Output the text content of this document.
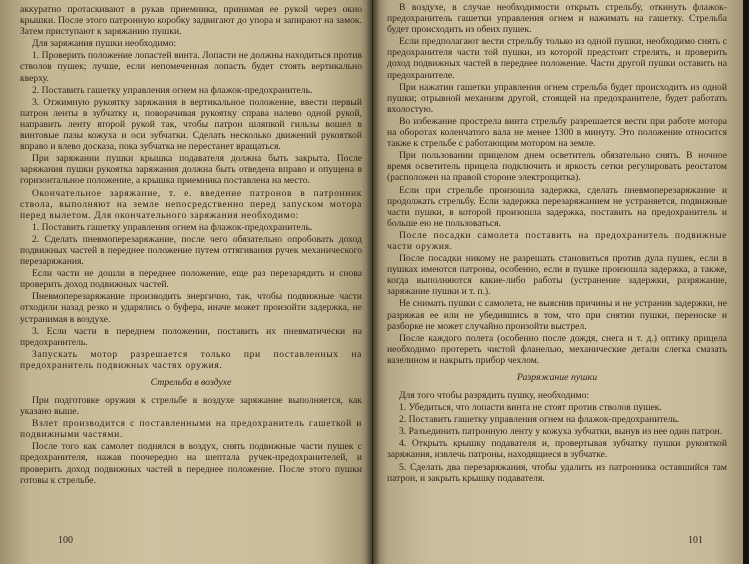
аккуратно протаскивают в рукав приемника, принимая ее рукой через окно крышки. После этого патронную коробку задвигают до упора и запирают на замок. Затем приступают к заряжанию пушки.

Для заряжания пушки необходимо:

1. Проверить положение лопастей винта. Лопасти не должны находиться против стволов пушек; лучше, если непомеченная лопасть будет стоять вертикально кверху.

2. Поставить гашетку управления огнем на флажок-предохранитель.

3. Отжимную рукоятку заряжания в вертикальное положение, ввести первый патрон ленты в зубчатку и, поворачивая рукоятку справа налево одной рукой, направить ленту второй рукой так, чтобы патрон шляпкой гильзы вошел в винтовые пазы кожуха и оси зубчатки. Сделать несколько движений рукояткой вправо и влево досказа, пока зубчатка не перестанет вращаться.

При заряжании пушки крышка подавателя должна быть закрыта. После заряжания пушки рукоятка заряжания должна быть отведена вправо и опущена в горизонтальное положение, а крышка приемника поставлена на место.

Окончательное заряжание, т. е. введение патронов в патронник ствола, выполняют на земле непосредственно перед запуском мотора перед вылетом. Для окончательного заряжания необходимо:

1. Поставить гашетку управления огнем на флажок-предохранитель.

2. Сделать пневмоперезаряжание, после чего обязательно опробовать доход подвижных частей в переднее положение путем оттягивания ручек механического перезаряжания.

Если части не дошли в переднее положение, еще раз перезарядить и снова проверить доход подвижных частей.

Пневмоперезаряжание производить энергично, так, чтобы подвижные части отходили назад резко и ударялись о буфера, иначе может произойти задержка, не устранимая в воздухе.

3. Если части в переднем положении, поставить их пневматически на предохранитель.

Запускать мотор разрешается только при поставленных на предохранитель подвижных частях оружия.

Стрельба в воздухе

При подготовке оружия к стрельбе в воздухе заряжание выполняется, как указано выше.

Взлет производится с поставленными на предохранитель гашеткой и подвижными частями.

После того как самолет поднялся в воздух, снять подвижные части пушек с предохранителя, нажав поочередно на шептала ручек-предохранителей, и проверить доход подвижных частей в переднее положение. После этого пушки готовы к стрельбе.

100

В воздухе, в случае необходимости открыть стрельбу, откинуть флажок-предохранитель гашетки управления огнем и нажимать на гашетку. Стрельба будет происходить из обеих пушек.

Если предполагают вести стрельбу только из одной пушки, необходимо снять с предохранителя части той пушки, из которой предстоит стрелять, и проверить доход подвижных частей в переднее положение. Части другой пушки оставить на предохранителе.

При нажатии гашетки управления огнем стрельба будет происходить из одной пушки; отрывной механизм другой, стоящей на предохранителе, будет работать вхолостую.

Во избежание прострела винта стрельбу разрешается вести при работе мотора на оборотах коленчатого вала не менее 1300 в минуту. Это положение относится также к стрельбе с работающим мотором на земле.

При пользовании прицелом днем осветитель обязательно снять. В ночное время осветитель прицела подключить и яркость сетки регулировать реостатом (расположен на правой стороне электрощитка).

Если при стрельбе произошла задержка, сделать пневмоперезаряжание и продолжать стрельбу. Если задержка перезаряжанием не устраняется, подвижные части пушки, в которой произошла задержка, поставить на предохранитель и больше ею не пользоваться.

После посадки самолета поставить на предохранитель подвижные части оружия.

После посадки никому не разрешать становиться против дула пушек, если в пушках имеются патроны, особенно, если в пушке произошла задержка, а также, когда выполняются какие-либо работы (устранение задержки, разряжание, заряжание пушки и т. п.).

Не снимать пушки с самолета, не выяснив причины и не устранив задержки, не разряжая ее или не убедившись в том, что при снятии пушки, переноске и разборке не может случайно произойти выстрел.

После каждого полета (особенно после дождя, снега и т. д.) оптику прицела необходимо протереть чистой фланелью, механические детали слегка смазать вазелином и накрыть прибор чехлом.

Разряжание пушки

Для того чтобы разрядить пушку, необходимо:

1. Убедиться, что лопасти винта не стоят против стволов пушек.

2. Поставить гашетку управления огнем на флажок-предохранитель.

3. Разъединить патронную ленту у кожуха зубчатки, вынув из нее один патрон.

4. Открыть крышку подавателя и, провертывая зубчатку пушки рукояткой заряжания, извлечь патроны, находящиеся в зубчатке.

5. Сделать два перезаряжания, чтобы удалить из патронника оставшийся там патрон, и закрыть крышку подавателя.

101
